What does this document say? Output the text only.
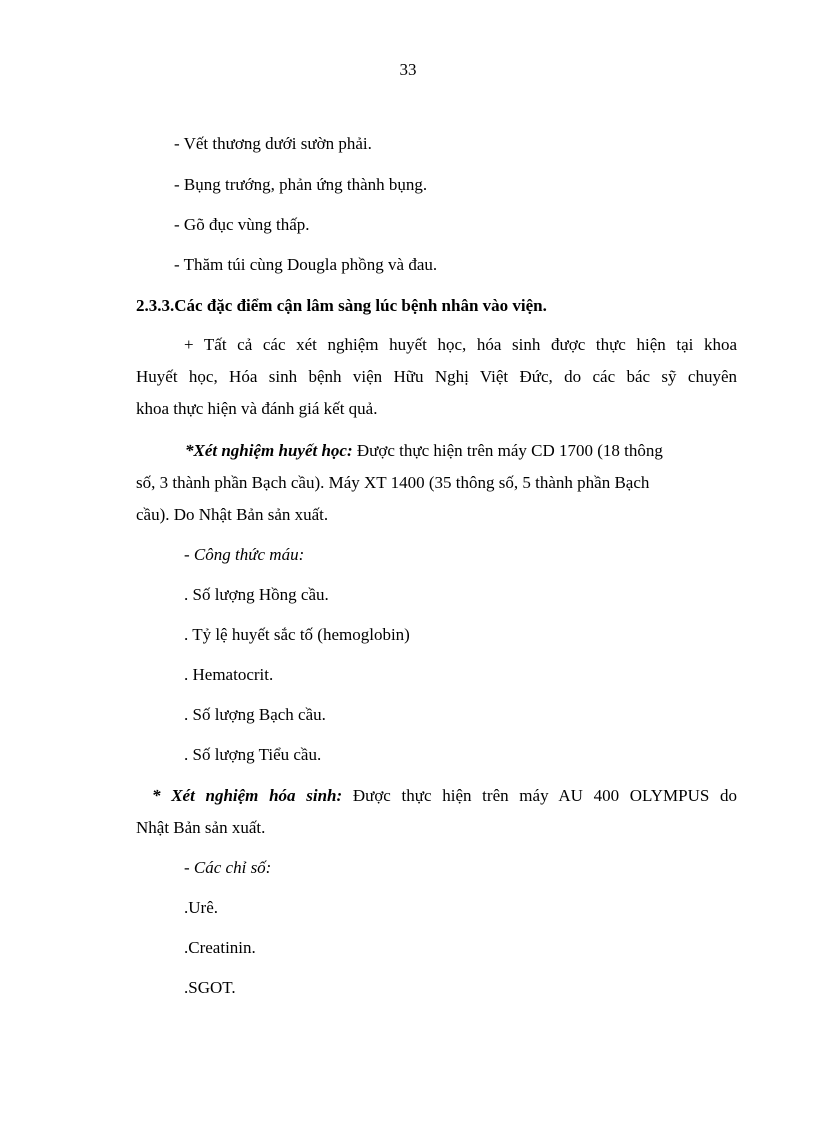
33
- Vết thương dưới sườn phải.
- Bụng trướng, phản ứng thành bụng.
- Gõ đục vùng thấp.
- Thăm túi cùng Dougla phồng và đau.
2.3.3.Các đặc điểm cận lâm sàng lúc bệnh nhân vào viện.
+ Tất cả các xét nghiệm huyết học, hóa sinh được thực hiện tại khoa
Huyết học, Hóa sinh bệnh viện Hữu Nghị Việt Đức, do các bác sỹ chuyên
khoa thực hiện và đánh giá kết quả.
*Xét nghiệm huyết học: Được thực hiện trên máy CD 1700 (18 thông
số, 3 thành phần Bạch cầu). Máy XT 1400 (35 thông số, 5 thành phần Bạch
cầu). Do Nhật Bản sản xuất.
- Công thức máu:
. Số lượng Hồng cầu.
. Tỷ lệ huyết sắc tố (hemoglobin)
. Hematocrit.
. Số lượng Bạch cầu.
. Số lượng Tiểu cầu.
* Xét nghiệm hóa sinh: Được thực hiện trên máy AU 400 OLYMPUS do
Nhật Bản sản xuất.
- Các chỉ số:
.Urê.
.Creatinin.
.SGOT.
